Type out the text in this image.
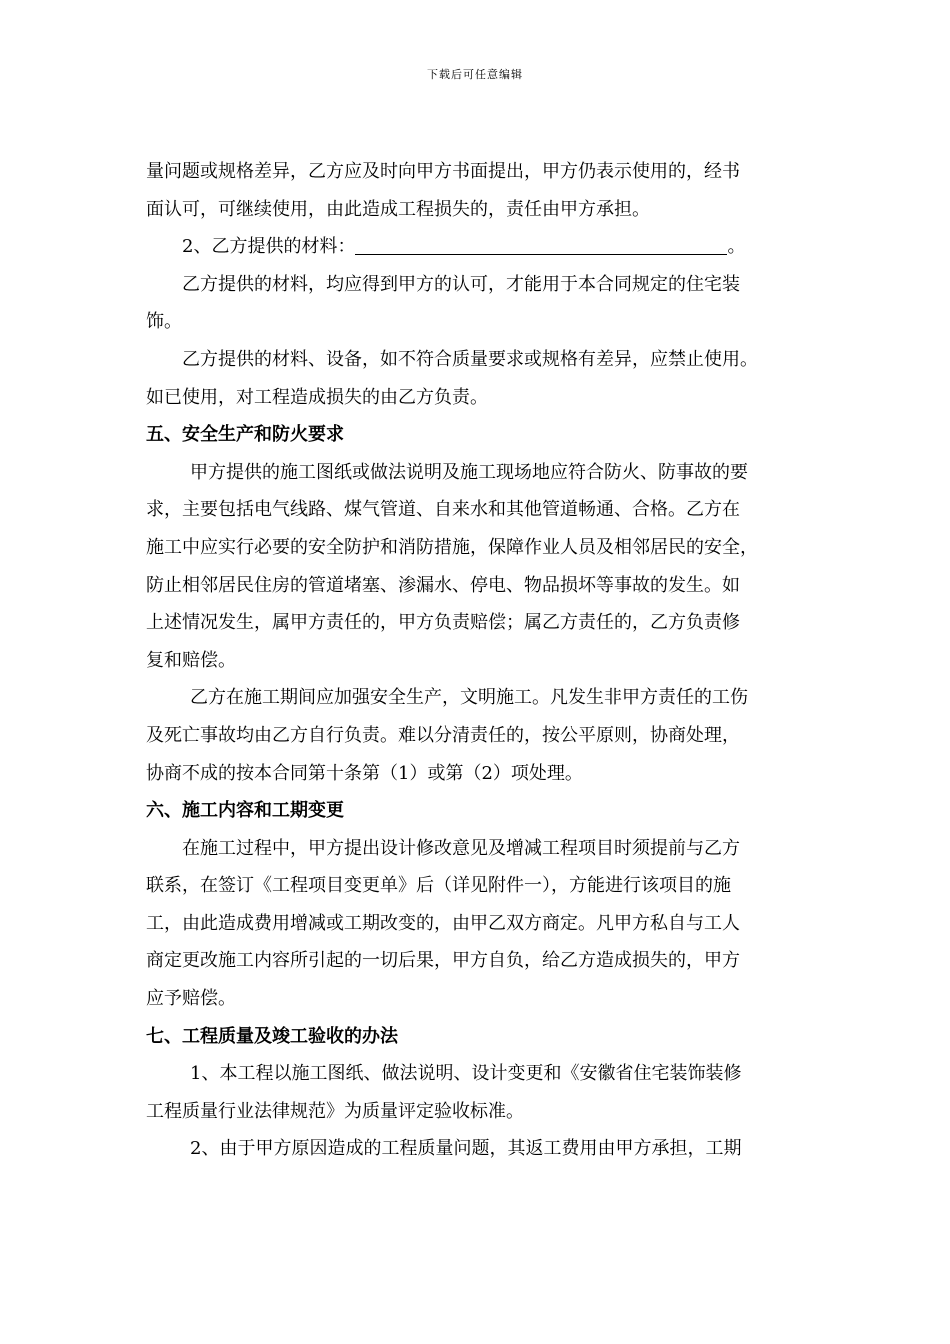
下载后可任意编辑
量问题或规格差异，乙方应及时向甲方书面提出，甲方仍表示使用的，经书
面认可，可继续使用，由此造成工程损失的，责任由甲方承担。
2、乙方提供的材料：	。
乙方提供的材料，均应得到甲方的认可，才能用于本合同规定的住宅装
饰。
乙方提供的材料、设备，如不符合质量要求或规格有差异，应禁止使用。
如已使用，对工程造成损失的由乙方负责。
五、安全生产和防火要求
甲方提供的施工图纸或做法说明及施工现场地应符合防火、防事故的要
求，主要包括电气线路、煤气管道、自来水和其他管道畅通、合格。乙方在
施工中应实行必要的安全防护和消防措施，保障作业人员及相邻居民的安全，
防止相邻居民住房的管道堵塞、渗漏水、停电、物品损坏等事故的发生。如
上述情况发生，属甲方责任的，甲方负责赔偿；属乙方责任的，乙方负责修
复和赔偿。
乙方在施工期间应加强安全生产，文明施工。凡发生非甲方责任的工伤
及死亡事故均由乙方自行负责。难以分清责任的，按公平原则，协商处理，
协商不成的按本合同第十条第（1）或第（2）项处理。
六、施工内容和工期变更
在施工过程中，甲方提出设计修改意见及增减工程项目时须提前与乙方
联系，在签订《工程项目变更单》后（详见附件一），方能进行该项目的施
工，由此造成费用增减或工期改变的，由甲乙双方商定。凡甲方私自与工人
商定更改施工内容所引起的一切后果，甲方自负，给乙方造成损失的，甲方
应予赔偿。
七、工程质量及竣工验收的办法
1、本工程以施工图纸、做法说明、设计变更和《安徽省住宅装饰装修
工程质量行业法律规范》为质量评定验收标准。
2、由于甲方原因造成的工程质量问题，其返工费用由甲方承担，工期
